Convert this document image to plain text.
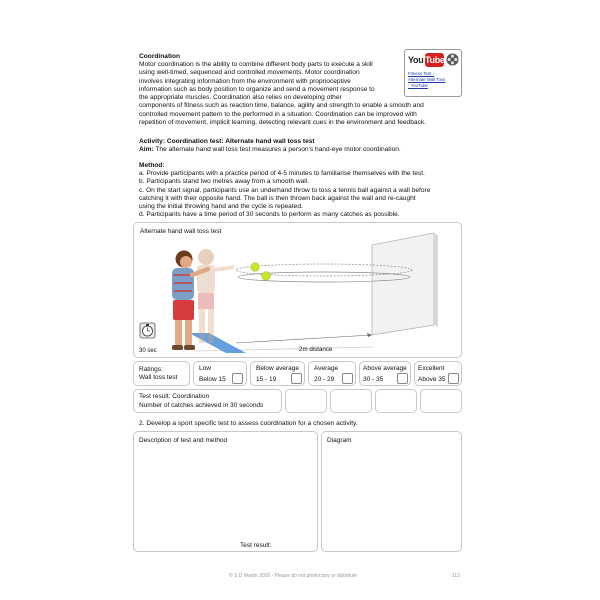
Coordination
Motor coordination is the ability to combine different body parts to execute a skill
using well-timed, sequenced and controlled movements. Motor coordination
involves integrating information from the environment with proprioceptive
information such as body position to organize and send a movement response to
the appropriate muscles. Coordination also relies on developing other
components of fitness such as reaction time, balance, agility and strength to enable a smooth and
controlled movement pattern to the performed in a situation. Coordination can be improved with
repetition of movement, implicit learning, detecting relevant cues in the environment and feedback.
You Tube
Fitness Test -
Alternate Wall Toss
- YouTube
Activity: Coordination test: Alternate hand wall toss test
Aim: The alternate hand wall toss test measures a person's hand-eye motor coordination.
Method:
a. Provide participants with a practice period of 4-5 minutes to familiarise themselves with the test.
b. Participants stand two metres away from a smooth wall.
c. On the start signal, participants use an underhand throw to toss a tennis ball against a wall before
catching it with their opposite hand. The ball is then thrown back against the wall and re-caught
using the initial throwing hand and the cycle is repeated.
d. Participants have a time period of 30 seconds to perform as many catches as possible.
Alternate hand wall toss test
30 sec	2m distance
Ratings:
Wall toss test
Low
Below 15
Below average
15 - 19
Average
20 - 29
Above average
30 - 35
Excellent
Above 35
Test result: Coordination
Number of catches achieved in 30 seconds
2. Develop a sport specific test to assess coordination for a chosen activity.
Description of test and method
Test result:
Diagram
© S D Martin 2026 - Please do not photocopy or distribute	112
